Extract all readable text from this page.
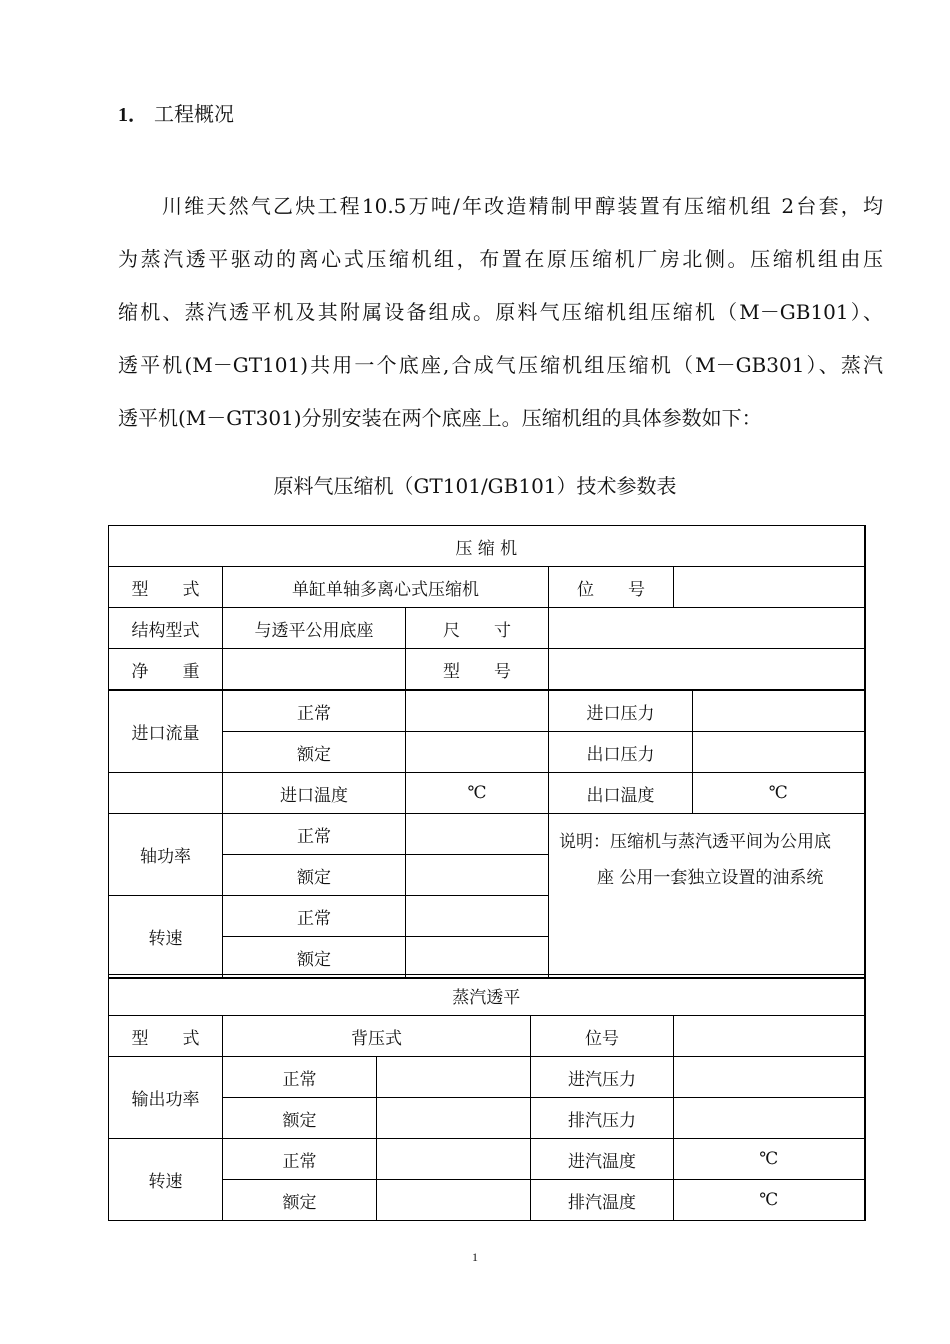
1． 工程概况
川维天然气乙炔工程10.5万吨/年改造精制甲醇装置有压缩机组 2台套，均
为蒸汽透平驱动的离心式压缩机组，布置在原压缩机厂房北侧。压缩机组由压
缩机、蒸汽透平机及其附属设备组成。原料气压缩机组压缩机（M－GB101）、
透平机(M－GT101)共用一个底座,合成气压缩机组压缩机（M－GB301）、蒸汽
透平机(M－GT301)分别安装在两个底座上。压缩机组的具体参数如下：
原料气压缩机（GT101/GB101）技术参数表
压 缩 机					
型　　式	单缸单轴多离心式压缩机		位　　号		
结构型式	与透平公用底座	尺　　寸			
净　　重		型　　号			
进口流量	正常		进口压力		
	额定		出口压力		
	进口温度	℃	出口温度		℃
轴功率	正常		说明：压缩机与蒸汽透平间为公用底
座 公用一套独立设置的油系统		

	额定				
转速	正常				
	额定				
蒸汽透平				
型　　式	背压式		位号	
输出功率	正常		进汽压力	
	额定		排汽压力	
转速	正常		进汽温度	℃
	额定		排汽温度	℃
1
